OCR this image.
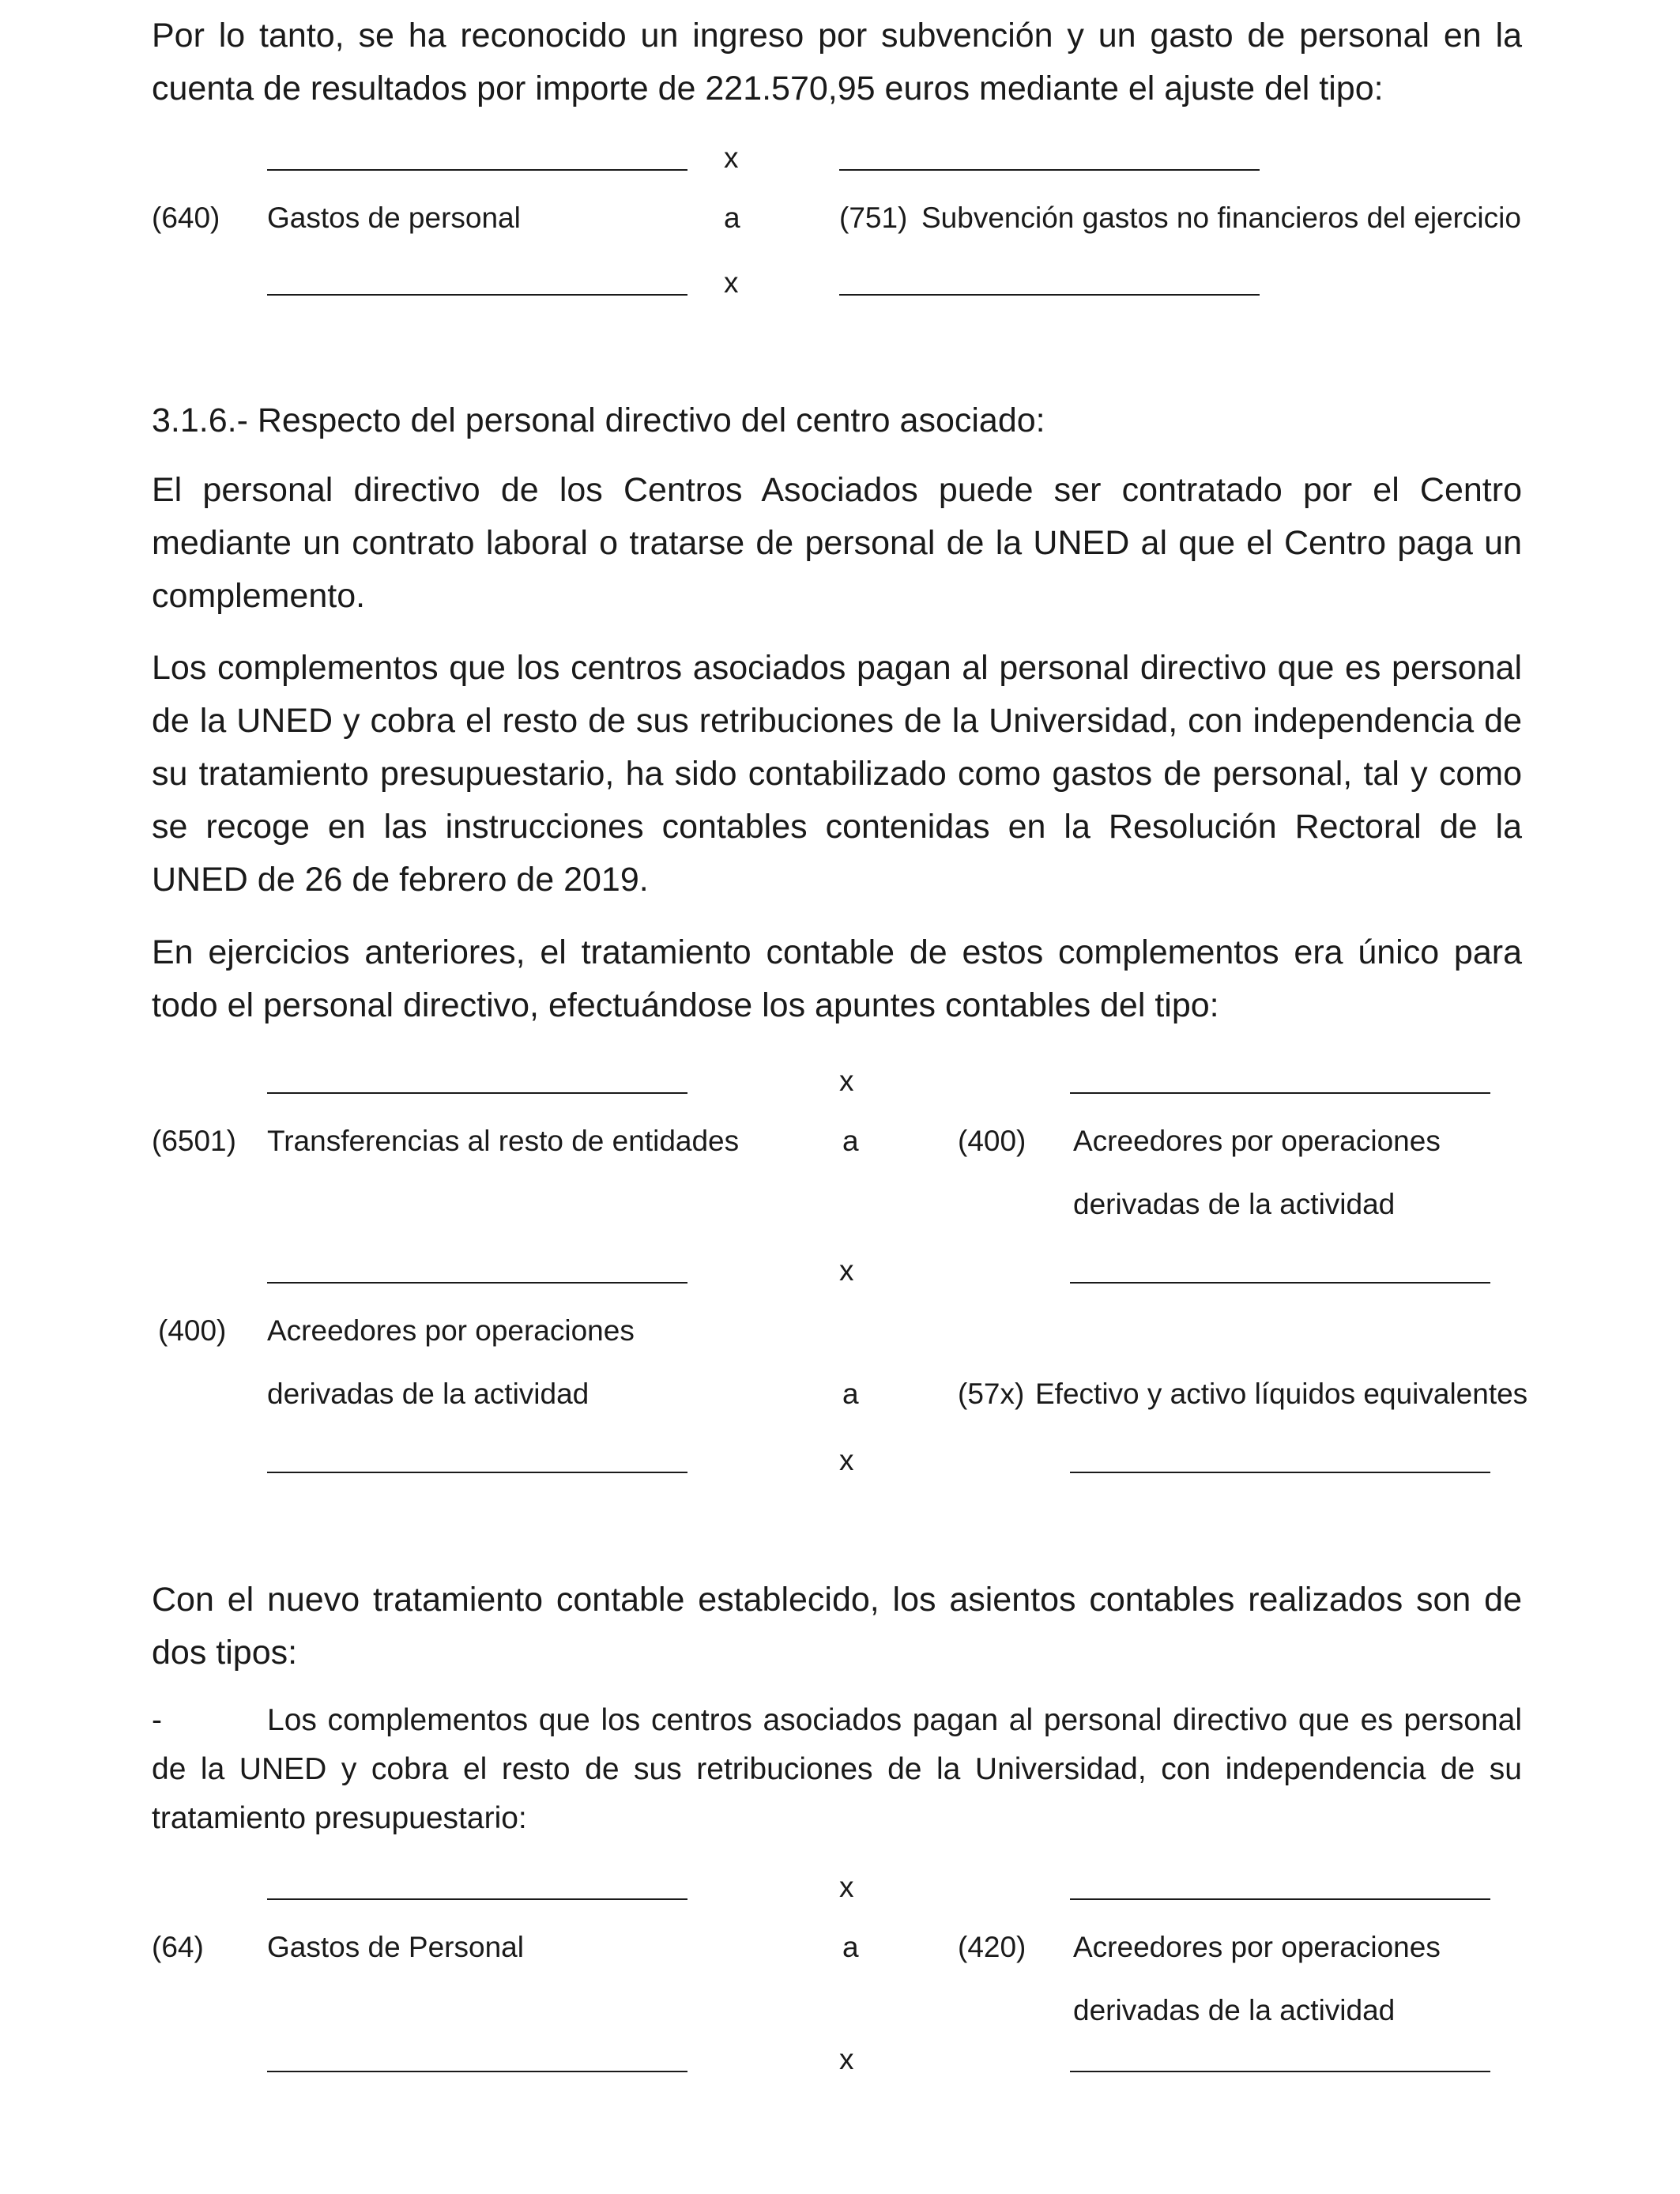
Por lo tanto, se ha reconocido un ingreso por subvención y un gasto de personal en la cuenta de resultados por importe de 221.570,95 euros mediante el ajuste del tipo:

x
(640) Gastos de personal	a	(751) Subvención gastos no financieros del ejercicio
x

3.1.6.- Respecto del personal directivo del centro asociado:

El personal directivo de los Centros Asociados puede ser contratado por el Centro mediante un contrato laboral o tratarse de personal de la UNED al que el Centro paga un complemento.

Los complementos que los centros asociados pagan al personal directivo que es personal de la UNED y cobra el resto de sus retribuciones de la Universidad, con independencia de su tratamiento presupuestario, ha sido contabilizado como gastos de personal, tal y como se recoge en las instrucciones contables contenidas en la Resolución Rectoral de la UNED de 26 de febrero de 2019.

En ejercicios anteriores, el tratamiento contable de estos complementos era único para todo el personal directivo, efectuándose los apuntes contables del tipo:

x
(6501) Transferencias al resto de entidades	a	(400) Acreedores por operaciones
derivadas de la actividad
x
(400) Acreedores por operaciones
derivadas de la actividad	a	(57x) Efectivo y activo líquidos equivalentes
x

Con el nuevo tratamiento contable establecido, los asientos contables realizados son de dos tipos:

-	Los complementos que los centros asociados pagan al personal directivo que es personal de la UNED y cobra el resto de sus retribuciones de la Universidad, con independencia de su tratamiento presupuestario:

x
(64) Gastos de Personal	a	(420) Acreedores por operaciones
derivadas de la actividad
x
